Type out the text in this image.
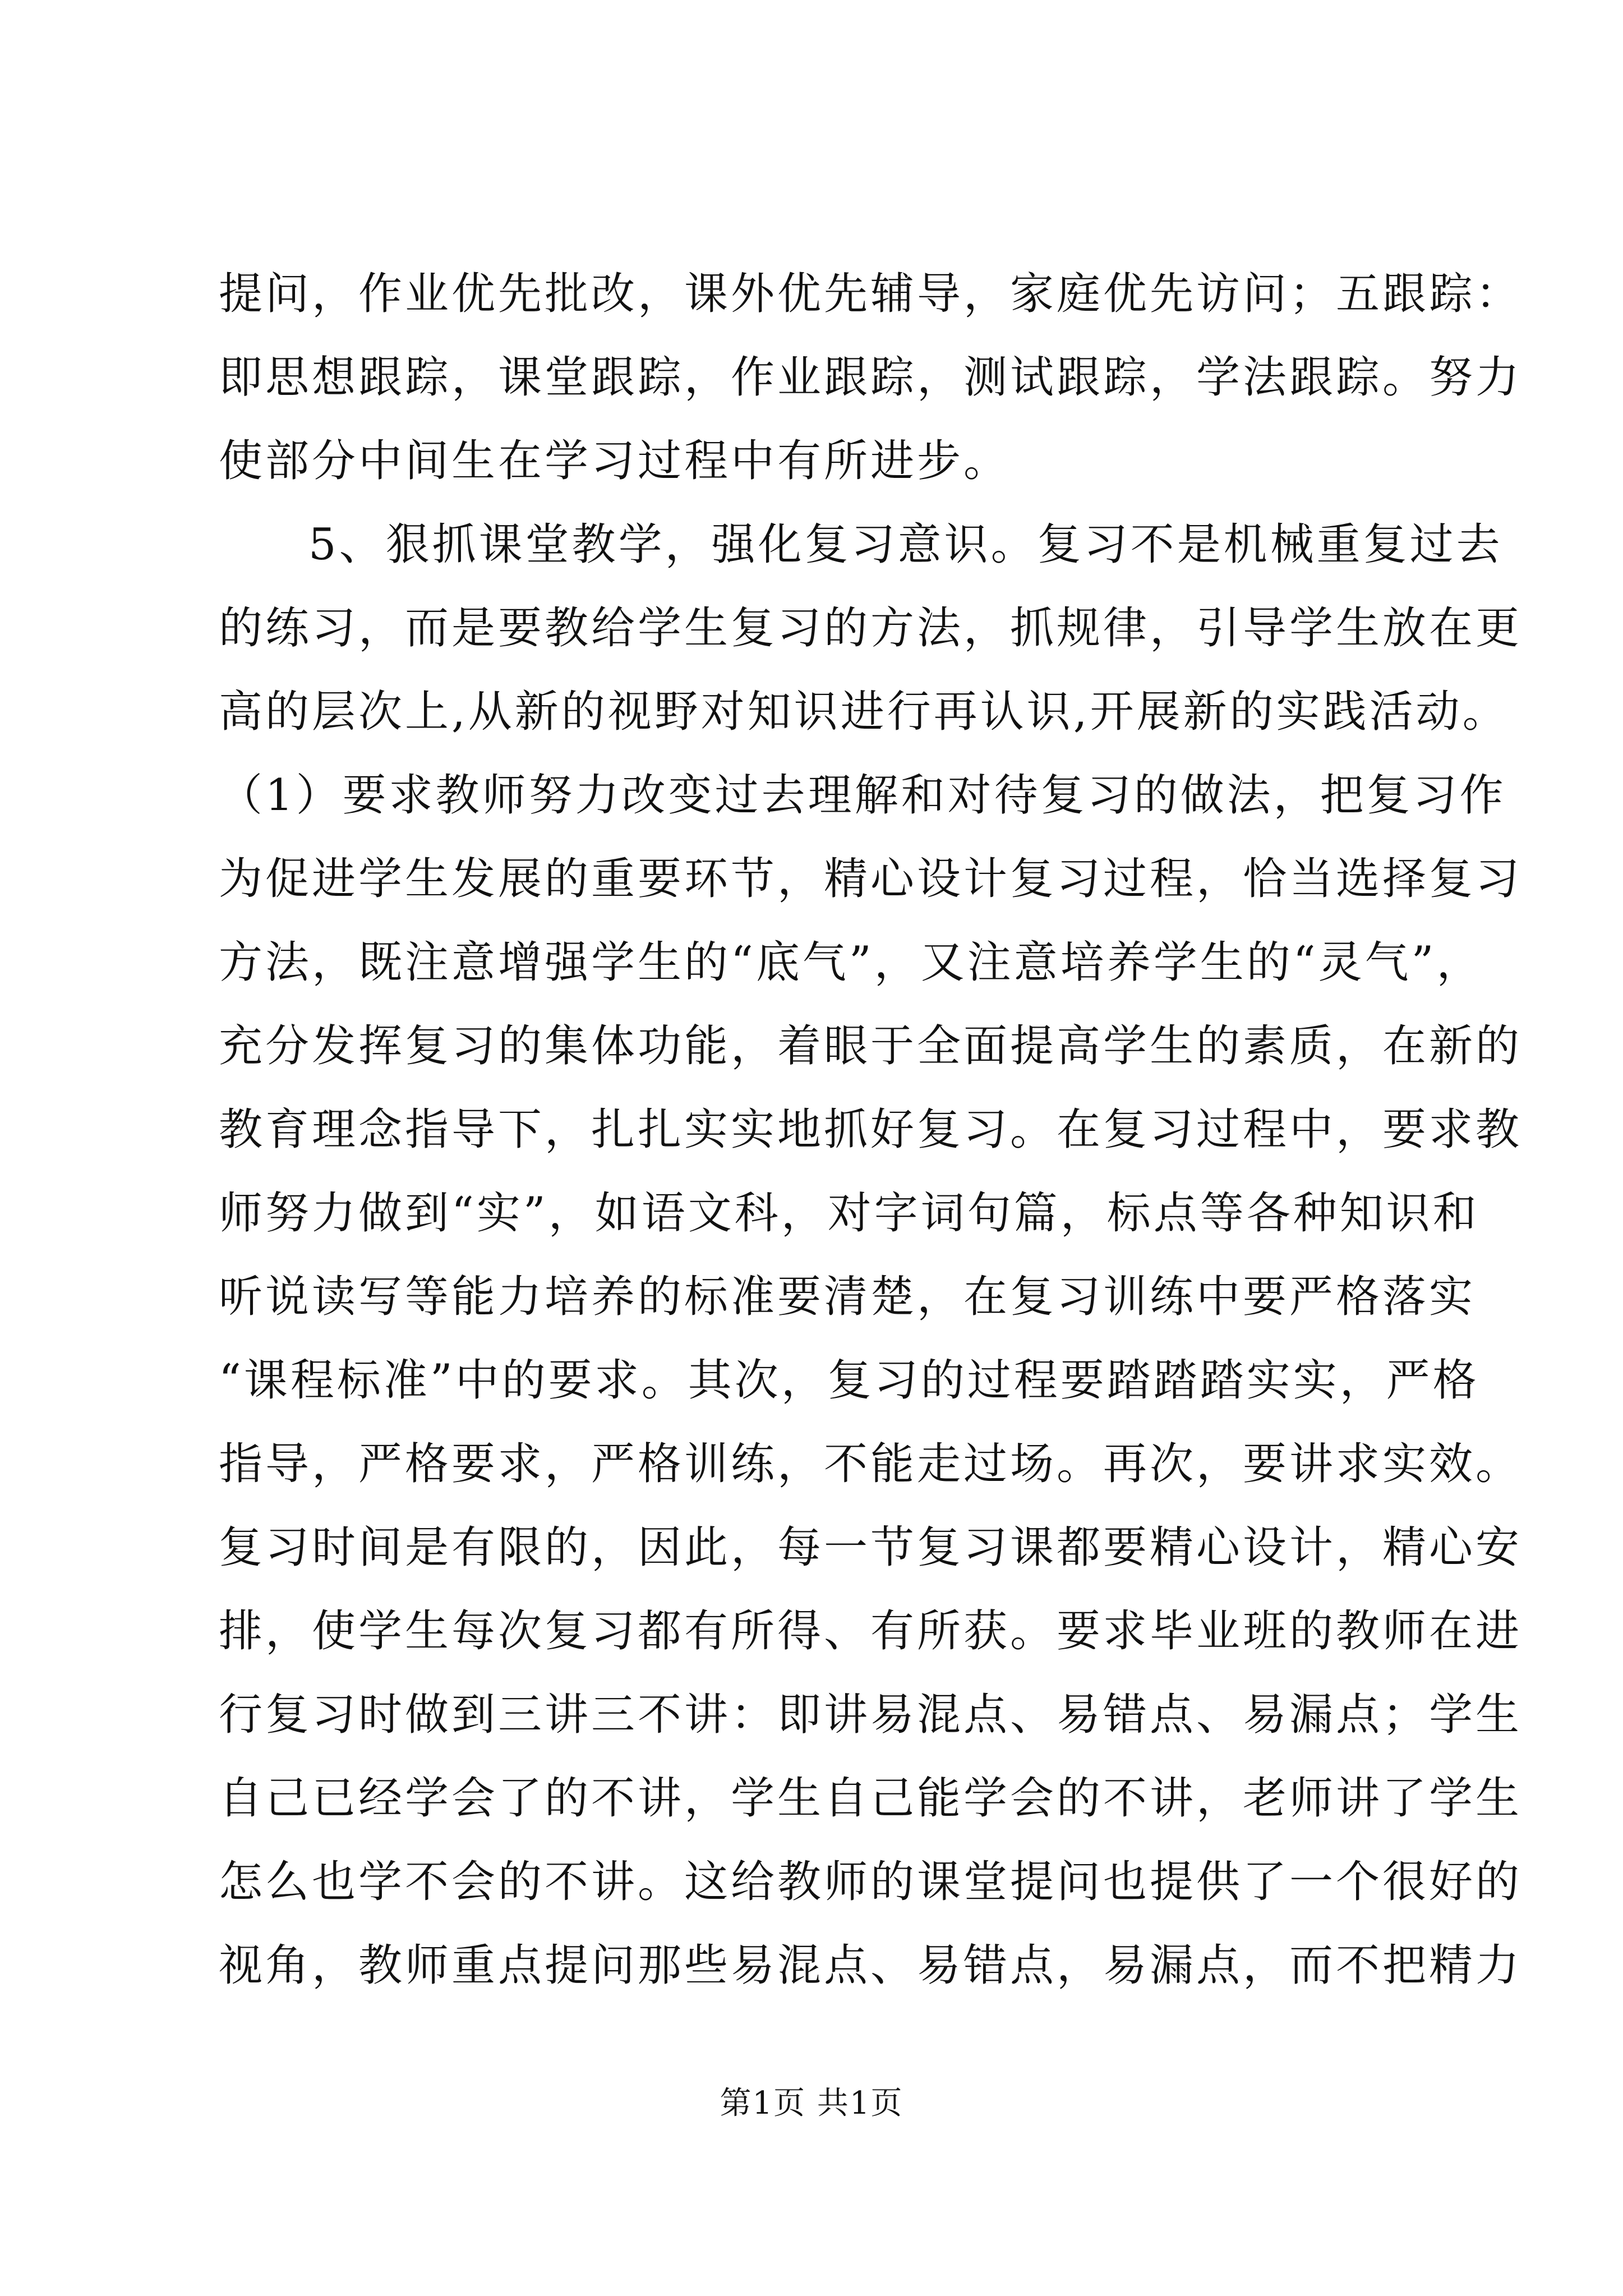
提问，作业优先批改，课外优先辅导，家庭优先访问；五跟踪：
即思想跟踪，课堂跟踪，作业跟踪，测试跟踪，学法跟踪。努力
使部分中间生在学习过程中有所进步。
5、狠抓课堂教学，强化复习意识。复习不是机械重复过去
的练习，而是要教给学生复习的方法，抓规律，引导学生放在更
高的层次上,从新的视野对知识进行再认识,开展新的实践活动。
（1）要求教师努力改变过去理解和对待复习的做法，把复习作
为促进学生发展的重要环节，精心设计复习过程，恰当选择复习
方法，既注意增强学生的“底气”，又注意培养学生的“灵气”，
充分发挥复习的集体功能，着眼于全面提高学生的素质，在新的
教育理念指导下，扎扎实实地抓好复习。在复习过程中，要求教
师努力做到“实”，如语文科，对字词句篇，标点等各种知识和
听说读写等能力培养的标准要清楚，在复习训练中要严格落实
“课程标准”中的要求。其次，复习的过程要踏踏踏实实，严格
指导，严格要求，严格训练，不能走过场。再次，要讲求实效。
复习时间是有限的，因此，每一节复习课都要精心设计，精心安
排，使学生每次复习都有所得、有所获。要求毕业班的教师在进
行复习时做到三讲三不讲：即讲易混点、易错点、易漏点；学生
自己已经学会了的不讲，学生自己能学会的不讲，老师讲了学生
怎么也学不会的不讲。这给教师的课堂提问也提供了一个很好的
视角，教师重点提问那些易混点、易错点，易漏点，而不把精力
第1页 共1页
